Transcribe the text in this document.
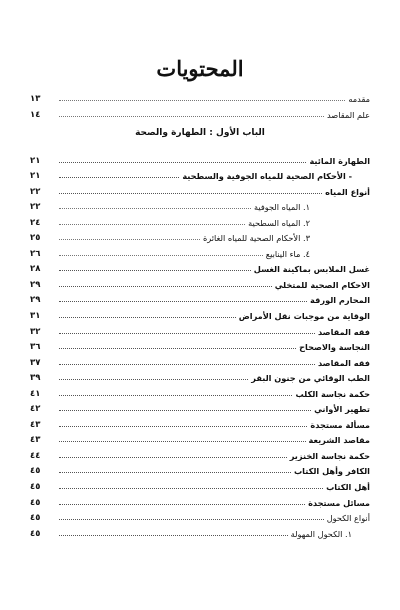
المحتويات
مقدمه
١٣
علم المقاصد
١٤
الباب الأول : الطهارة والصحة
الطهارة المائية
٢١
- الأحكام الصحية للمياه الجوفية والسطحية
٢١
أنواع المياه
٢٢
١. المياه الجوفية
٢٢
٢. المياه السطحية
٢٤
٣. الأحكام الصحية للمياه الغائرة
٢٥
٤. ماء الينابيع
٢٦
غسل الملابس بماكينة الغسل
٢٨
الاحكام الصحية للمتخلي
٢٩
المحارم الورقة
٢٩
الوقاية من موجبات نقل الأمراض
٣١
فقه المقاصد
٣٢
النجاسة والاصحاح
٣٦
فقه المقاصد
٣٧
الطب الوقائي من جنون البقر
٣٩
حكمة نجاسة الكلب
٤١
تطهير الأواني
٤٢
مسألة مستجدة
٤٣
مقاصد الشريعة
٤٣
حكمة نجاسة الخنزير
٤٤
الكافر وأهل الكتاب
٤٥
أهل الكتاب
٤٥
مسائل مستجدة
٤٥
أنواع الكحول
٤٥
١. الكحول المهولة
٤٥
